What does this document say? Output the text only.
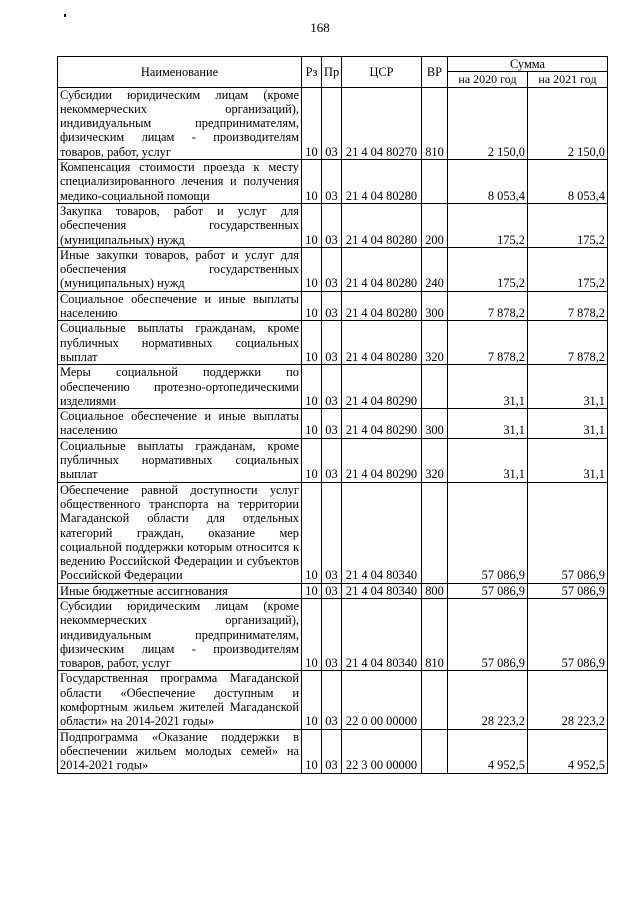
168
Наименование	Рз	Пр	ЦСР	ВР	Сумма	
					на 2020 год	на 2021 год
Субсидии юридическим лицам (кроме некоммерческих организаций), индивидуальным предпринимателям, физическим лицам - производителям товаров, работ, услуг	10	03	21 4 04 80270	810	2 150,0	2 150,0
Компенсация стоимости проезда к месту специализированного лечения и получения медико-социальной помощи	10	03	21 4 04 80280		8 053,4	8 053,4
Закупка товаров, работ и услуг для обеспечения государственных (муниципальных) нужд	10	03	21 4 04 80280	200	175,2	175,2
Иные закупки товаров, работ и услуг для обеспечения государственных (муниципальных) нужд	10	03	21 4 04 80280	240	175,2	175,2
Социальное обеспечение и иные выплаты населению	10	03	21 4 04 80280	300	7 878,2	7 878,2
Социальные выплаты гражданам, кроме публичных нормативных социальных выплат	10	03	21 4 04 80280	320	7 878,2	7 878,2
Меры социальной поддержки по обеспечению протезно-ортопедическими изделиями	10	03	21 4 04 80290		31,1	31,1
Социальное обеспечение и иные выплаты населению	10	03	21 4 04 80290	300	31,1	31,1
Социальные выплаты гражданам, кроме публичных нормативных социальных выплат	10	03	21 4 04 80290	320	31,1	31,1
Обеспечение равной доступности услуг общественного транспорта на территории Магаданской области для отдельных категорий граждан, оказание мер социальной поддержки которым относится к ведению Российской Федерации и субъектов Российской Федерации	10	03	21 4 04 80340		57 086,9	57 086,9
Иные бюджетные ассигнования	10	03	21 4 04 80340	800	57 086,9	57 086,9
Субсидии юридическим лицам (кроме некоммерческих организаций), индивидуальным предпринимателям, физическим лицам - производителям товаров, работ, услуг	10	03	21 4 04 80340	810	57 086,9	57 086,9
Государственная программа Магаданской области «Обеспечение доступным и комфортным жильем жителей Магаданской области» на 2014-2021 годы»	10	03	22 0 00 00000		28 223,2	28 223,2
Подпрограмма «Оказание поддержки в обеспечении жильем молодых семей» на 2014-2021 годы»	10	03	22 3 00 00000		4 952,5	4 952,5
